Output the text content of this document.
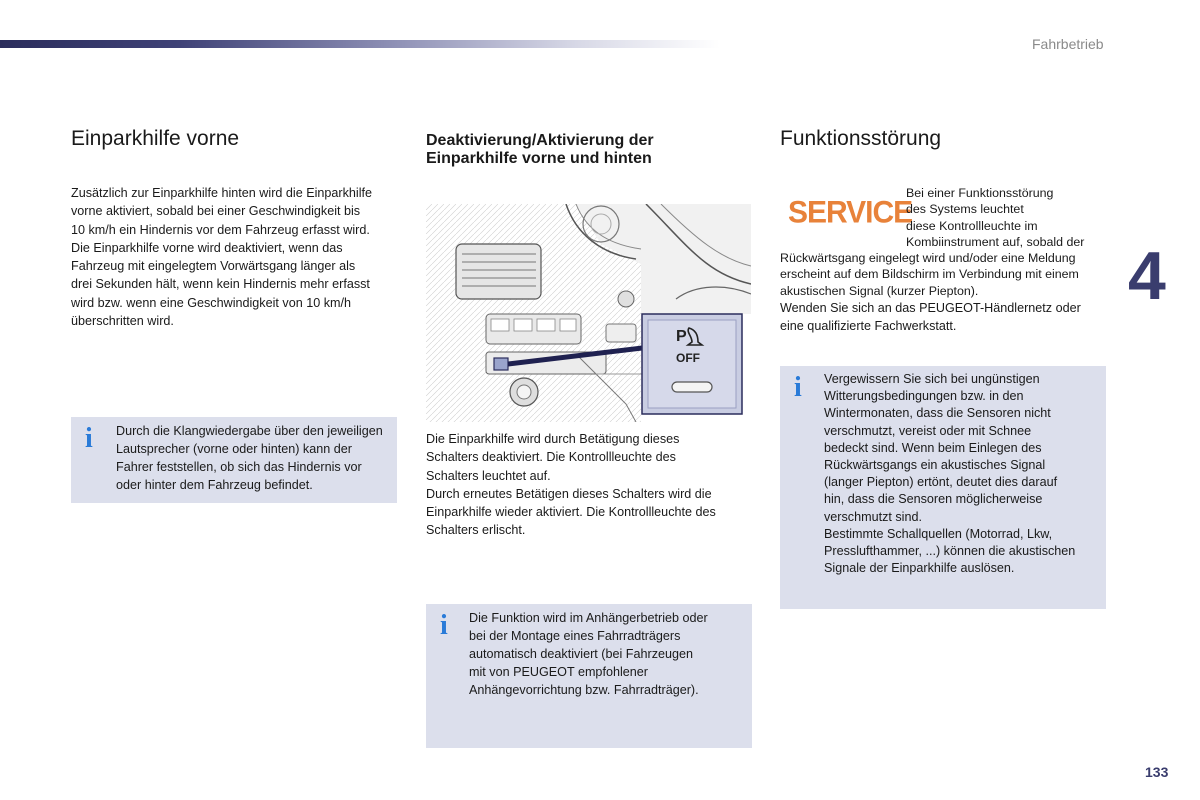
Fahrbetrieb
Einparkhilfe vorne
Zusätzlich zur Einparkhilfe hinten wird die Einparkhilfe
vorne aktiviert, sobald bei einer Geschwindigkeit bis
10 km/h ein Hindernis vor dem Fahrzeug erfasst wird.
Die Einparkhilfe vorne wird deaktiviert, wenn das
Fahrzeug mit eingelegtem Vorwärtsgang länger als
drei Sekunden hält, wenn kein Hindernis mehr erfasst
wird bzw. wenn eine Geschwindigkeit von 10 km/h
überschritten wird.
i Durch die Klangwiedergabe über den jeweiligen
Lautsprecher (vorne oder hinten) kann der
Fahrer feststellen, ob sich das Hindernis vor
oder hinter dem Fahrzeug befindet.
Deaktivierung/Aktivierung der
Einparkhilfe vorne und hinten
P
OFF
Die Einparkhilfe wird durch Betätigung dieses
Schalters deaktiviert. Die Kontrollleuchte des
Schalters leuchtet auf.
Durch erneutes Betätigen dieses Schalters wird die
Einparkhilfe wieder aktiviert. Die Kontrollleuchte des
Schalters erlischt.
i Die Funktion wird im Anhängerbetrieb oder
bei der Montage eines Fahrradträgers
automatisch deaktiviert (bei Fahrzeugen
mit von PEUGEOT empfohlener
Anhängevorrichtung bzw. Fahrradträger).
Funktionsstörung
SERVICE
Bei einer Funktionsstörung
des Systems leuchtet
diese Kontrollleuchte im
Kombiinstrument auf, sobald der
Rückwärtsgang eingelegt wird und/oder eine Meldung
erscheint auf dem Bildschirm im Verbindung mit einem
akustischen Signal (kurzer Piepton).
Wenden Sie sich an das PEUGEOT-Händlernetz oder
eine qualifizierte Fachwerkstatt.
i Vergewissern Sie sich bei ungünstigen
Witterungsbedingungen bzw. in den
Wintermonaten, dass die Sensoren nicht
verschmutzt, vereist oder mit Schnee
bedeckt sind. Wenn beim Einlegen des
Rückwärtsgangs ein akustisches Signal
(langer Piepton) ertönt, deutet dies darauf
hin, dass die Sensoren möglicherweise
verschmutzt sind.
Bestimmte Schallquellen (Motorrad, Lkw,
Presslufthammer, ...) können die akustischen
Signale der Einparkhilfe auslösen.
4
133
